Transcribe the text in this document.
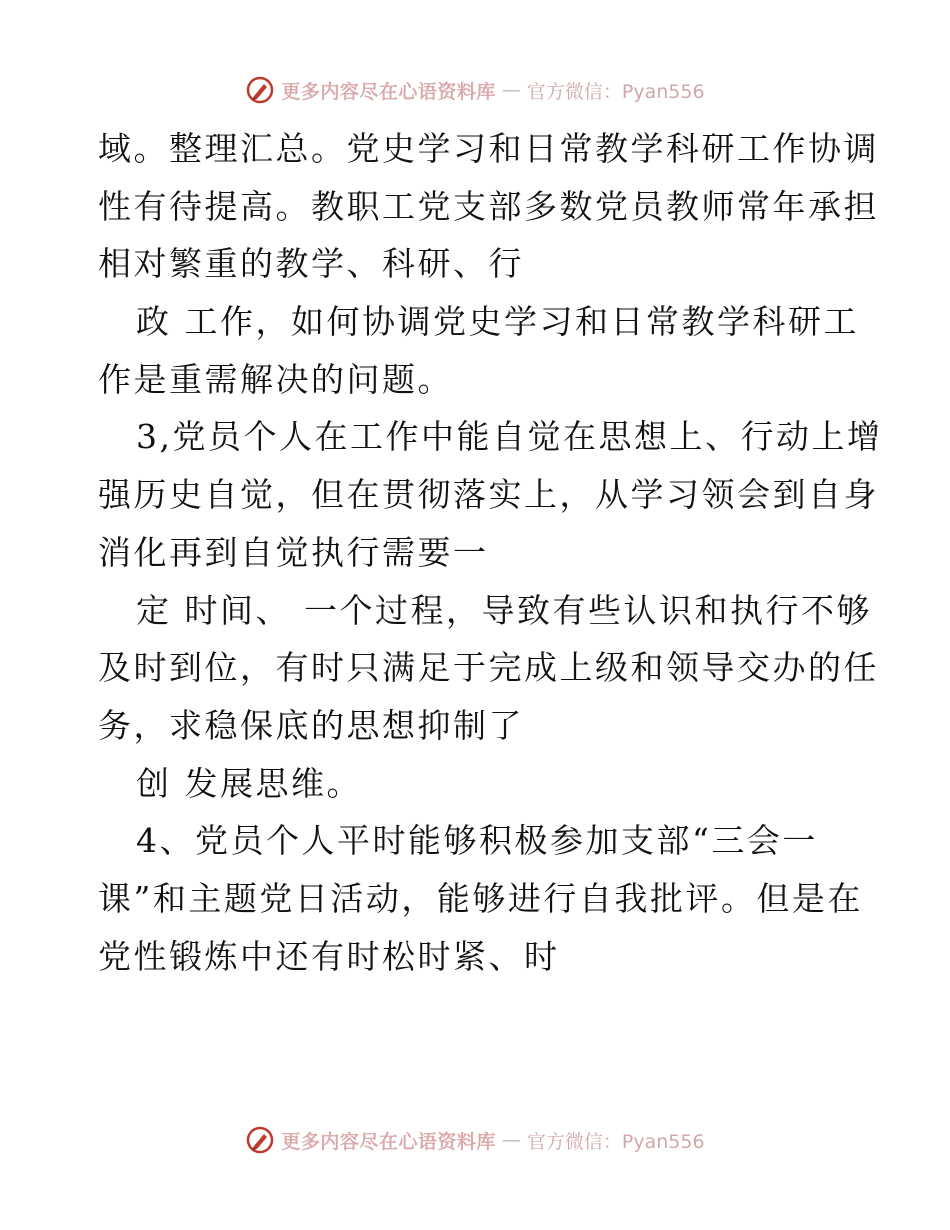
更多内容尽在心语资料库 — 官方微信：Pyan556
域。整理汇总。党史学习和日常教学科研工作协调
性有待提高。教职工党支部多数党员教师常年承担
相对繁重的教学、科研、行
政 工作，如何协调党史学习和日常教学科研工
作是重需解决的问题。
3,党员个人在工作中能自觉在思想上、行动上增
强历史自觉，但在贯彻落实上，从学习领会到自身
消化再到自觉执行需要一
定 时间、 一个过程，导致有些认识和执行不够
及时到位，有时只满足于完成上级和领导交办的任
务，求稳保底的思想抑制了
创 发展思维。
4、党员个人平时能够积极参加支部“三会一
课”和主题党日活动，能够进行自我批评。但是在
党性锻炼中还有时松时紧、时
更多内容尽在心语资料库 — 官方微信：Pyan556
